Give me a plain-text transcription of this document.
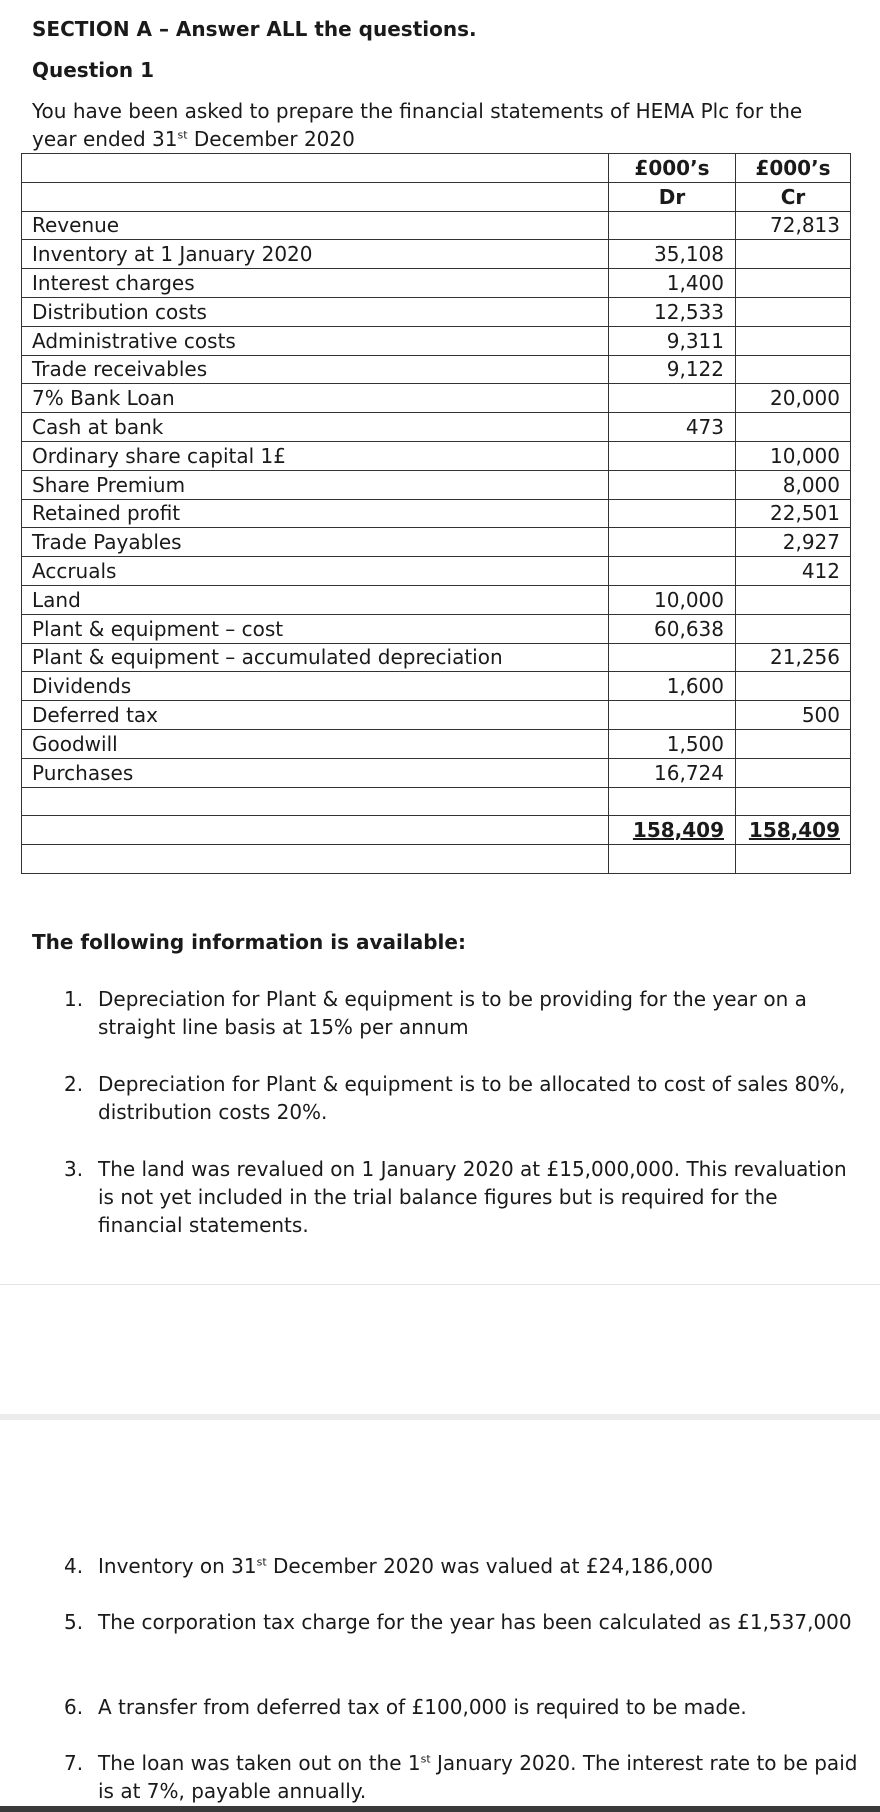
SECTION A – Answer ALL the questions.
Question 1
You have been asked to prepare the financial statements of HEMA Plc for the year ended 31st December 2020
	£000’s	£000’s
	Dr	Cr
Revenue		72,813
Inventory at 1 January 2020	35,108	
Interest charges	1,400	
Distribution costs	12,533	
Administrative costs	9,311	
Trade receivables	9,122	
7% Bank Loan		20,000
Cash at bank	473	
Ordinary share capital 1£		10,000
Share Premium		8,000
Retained profit		22,501
Trade Payables		2,927
Accruals		412
Land	10,000	
Plant & equipment – cost	60,638	
Plant & equipment – accumulated depreciation		21,256
Dividends	1,600	
Deferred tax		500
Goodwill	1,500	
Purchases	16,724	

	158,409	158,409

The following information is available:
1. Depreciation for Plant & equipment is to be providing for the year on a straight line basis at 15% per annum
2. Depreciation for Plant & equipment is to be allocated to cost of sales 80%, distribution costs 20%.
3. The land was revalued on 1 January 2020 at £15,000,000. This revaluation is not yet included in the trial balance figures but is required for the financial statements.
4. Inventory on 31st December 2020 was valued at £24,186,000
5. The corporation tax charge for the year has been calculated as £1,537,000
6. A transfer from deferred tax of £100,000 is required to be made.
7. The loan was taken out on the 1st January 2020. The interest rate to be paid is at 7%, payable annually.
